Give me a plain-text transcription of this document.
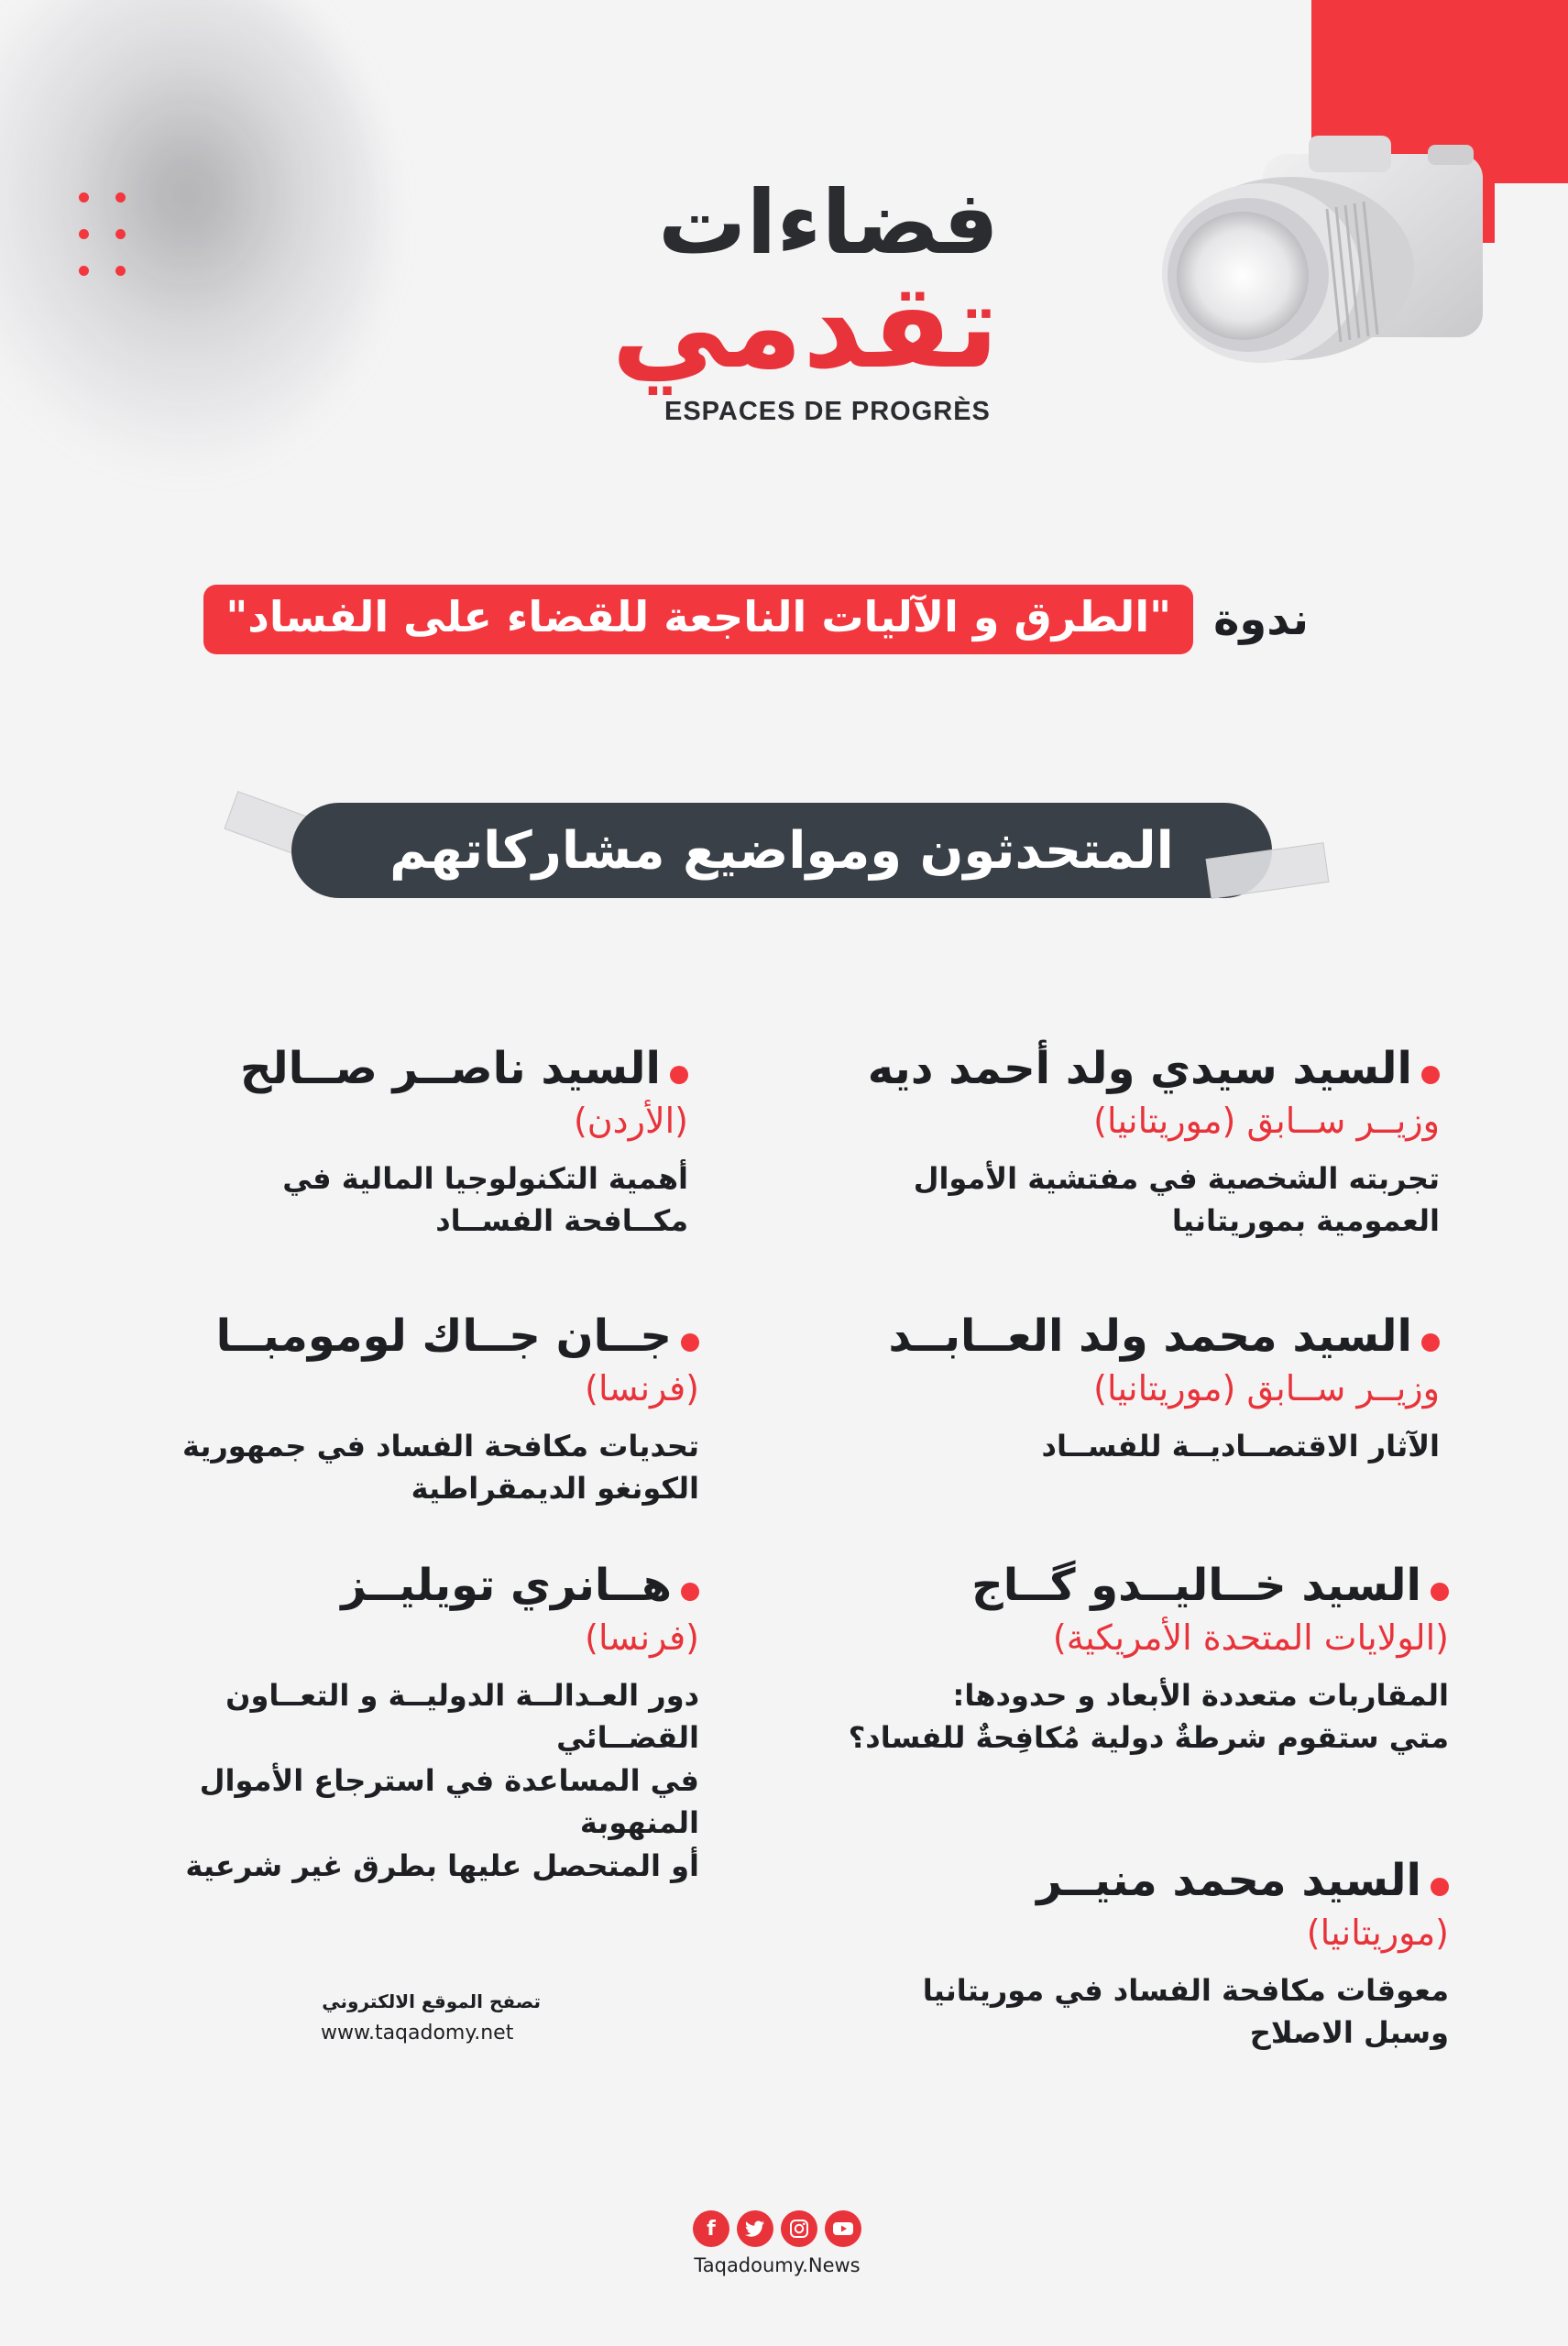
فضاءات
تقدمي
ESPACES DE PROGRÈS
ندوة
"الطرق و الآليات الناجعة للقضاء على الفساد"
المتحدثون ومواضيع مشاركاتهم
السيد سيدي ولد أحمد ديه
وزيــر ســابق (موريتانيا)
تجربته الشخصية في مفتشية الأموال
العمومية بموريتانيا
السيد محمد ولد العــابــد
وزيــر ســابق (موريتانيا)
الآثار الاقتصــاديــة للفســاد
السيد خــاليــدو گــاج
(الولايات المتحدة الأمريكية)
المقاربات متعددة الأبعاد و حدودها:
متي ستقوم شرطةٌ دولية مُكافِحةٌ للفساد؟
السيد محمد منيــر
(موريتانيا)
معوقات مكافحة الفساد في موريتانيا
وسبل الاصلاح
السيد ناصــر صــالح
(الأردن)
أهمية التكنولوجيا المالية في
مكــافحة الفســاد
جــان جــاك لومومبــا
(فرنسا)
تحديات مكافحة الفساد في جمهورية
الكونغو الديمقراطية
هــانري تويليــز
(فرنسا)
دور العـدالــة الدوليــة و التعــاون القضــائي
في المساعدة في استرجاع الأموال المنهوبة
أو المتحصل عليها بطرق غير شرعية
تصفح الموقع الالكتروني
www.taqadomy.net
f
Taqadoumy.News
